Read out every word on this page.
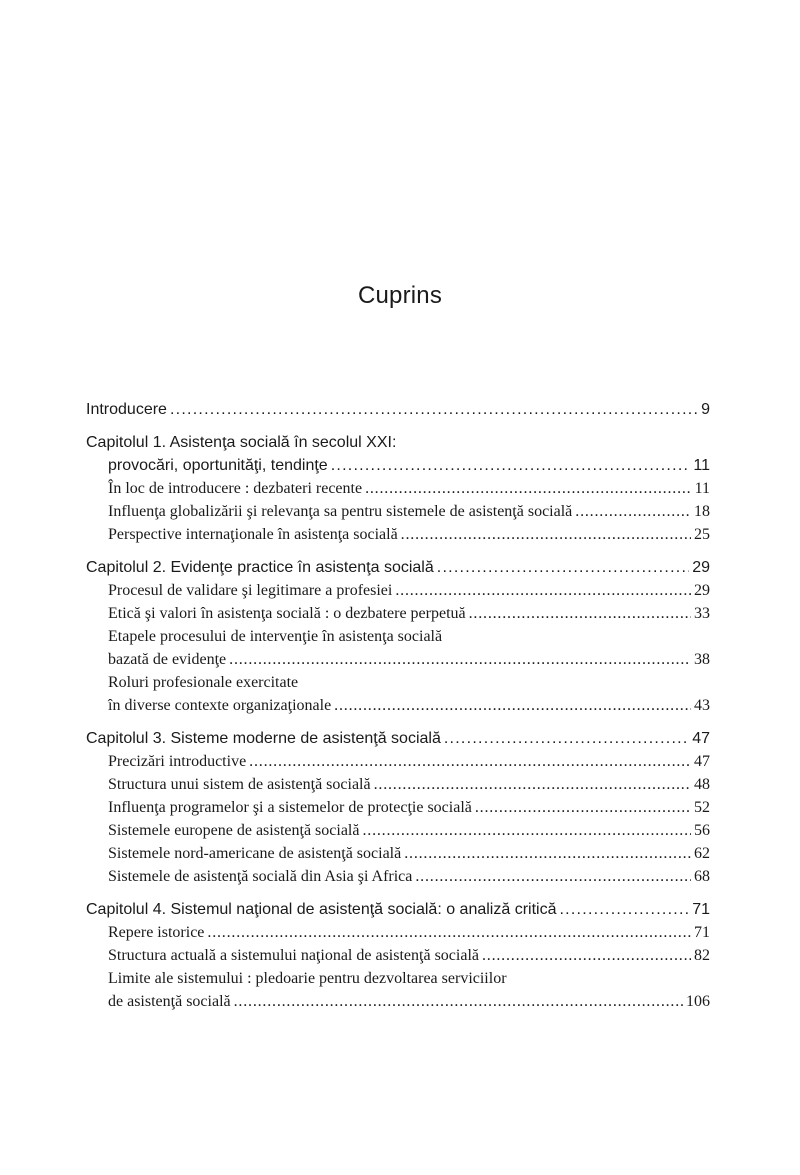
Cuprins
Introducere . . .	9
Capitolul 1. Asistenţa socială în secolul XXI:
provocări, oportunităţi, tendinţe . . .	11
În loc de introducere : dezbateri recente . . .	11
Influenţa globalizării şi relevanţa sa pentru sistemele de asistenţă socială . . .	18
Perspective internaţionale în asistenţa socială . . .	25
Capitolul 2. Evidenţe practice în asistenţa socială . . .	29
Procesul de validare şi legitimare a profesiei . . .	29
Etică şi valori în asistenţa socială : o dezbatere perpetuă . . .	33
Etapele procesului de intervenţie în asistenţa socială
bazată de evidenţe . . .	38
Roluri profesionale exercitate
în diverse contexte organizaţionale . . .	43
Capitolul 3. Sisteme moderne de asistenţă socială . . .	47
Precizări introductive . . .	47
Structura unui sistem de asistenţă socială . . .	48
Influenţa programelor şi a sistemelor de protecţie socială . . .	52
Sistemele europene de asistenţă socială . . .	56
Sistemele nord-americane de asistenţă socială . . .	62
Sistemele de asistenţă socială din Asia şi Africa . . .	68
Capitolul 4. Sistemul naţional de asistenţă socială: o analiză critică . . .	71
Repere istorice . . .	71
Structura actuală a sistemului naţional de asistenţă socială . . .	82
Limite ale sistemului : pledoarie pentru dezvoltarea serviciilor
de asistenţă socială . . .	106
